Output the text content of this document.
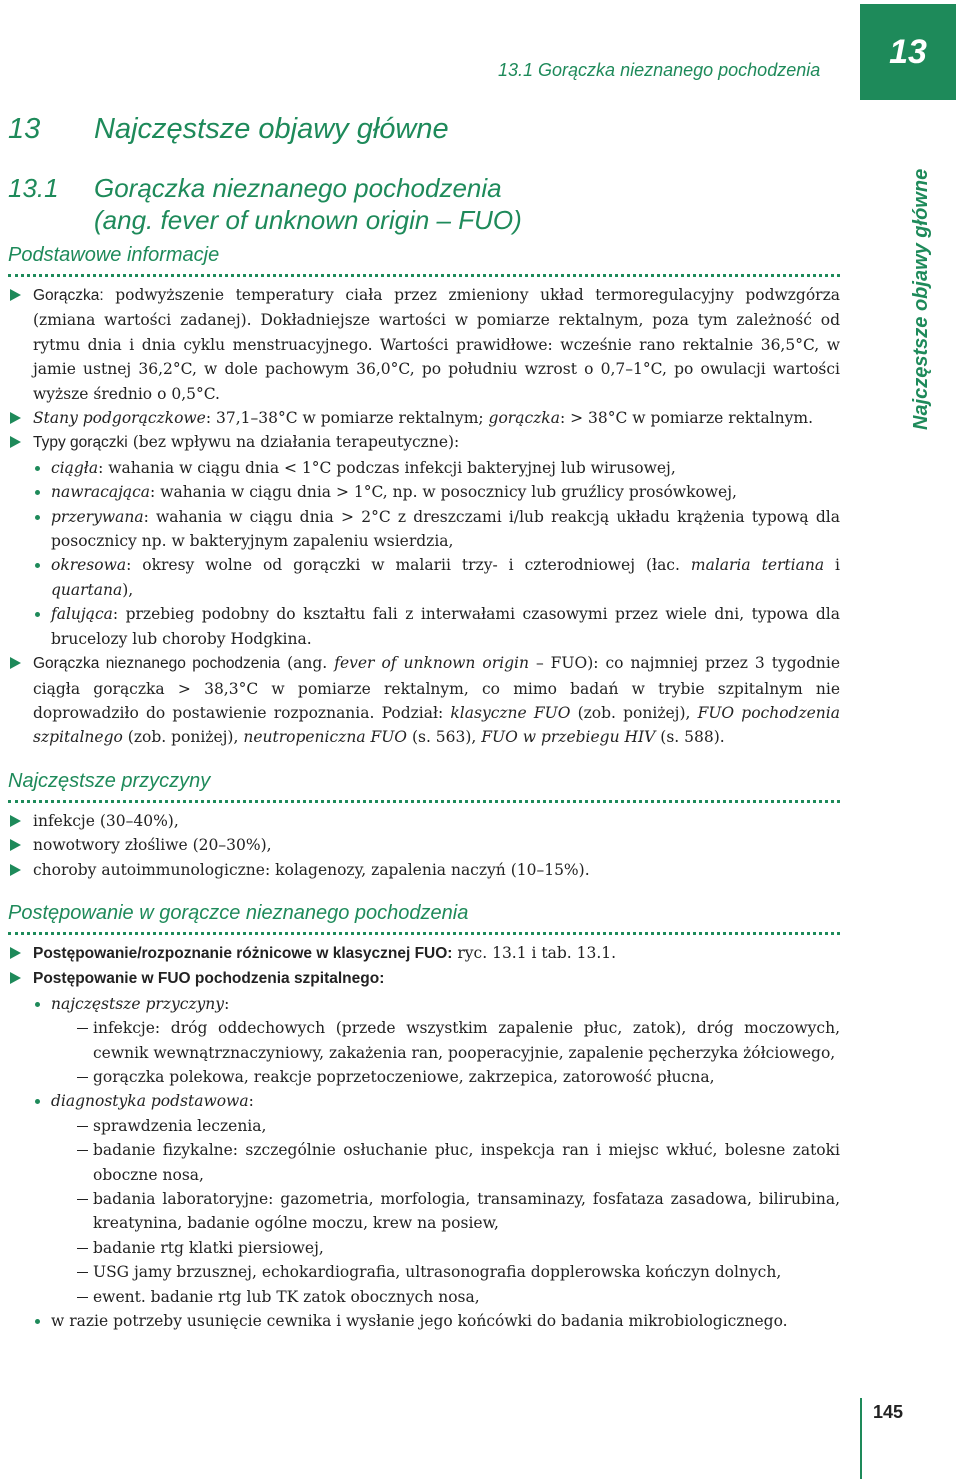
13.1 Gorączka nieznanego pochodzenia	13
Najczęstsze objawy główne
145
13	Najczęstsze objawy główne
13.1	Gorączka nieznanego pochodzenia
(ang. fever of unknown origin – FUO)
Podstawowe informacje
Gorączka: podwyższenie temperatury ciała przez zmieniony układ termoregulacyjny podwzgórza (zmiana wartości zadanej). Dokładniejsze wartości w pomiarze rektalnym, poza tym zależność od rytmu dnia i dnia cyklu menstruacyjnego. Wartości prawidłowe: wcześnie rano rektalnie 36,5°C, w jamie ustnej 36,2°C, w dole pachowym 36,0°C, po południu wzrost o 0,7–1°C, po owulacji wartości wyższe średnio o 0,5°C.
Stany podgorączkowe: 37,1–38°C w pomiarze rektalnym; gorączka: > 38°C w pomiarze rektalnym.
Typy gorączki (bez wpływu na działania terapeutyczne):
ciągła: wahania w ciągu dnia < 1°C podczas infekcji bakteryjnej lub wirusowej,
nawracająca: wahania w ciągu dnia > 1°C, np. w posocznicy lub gruźlicy prosówkowej,
przerywana: wahania w ciągu dnia > 2°C z dreszczami i/lub reakcją układu krążenia typową dla posocznicy np. w bakteryjnym zapaleniu wsierdzia,
okresowa: okresy wolne od gorączki w malarii trzy- i czterodniowej (łac. malaria tertiana i quartana),
falująca: przebieg podobny do kształtu fali z interwałami czasowymi przez wiele dni, typowa dla brucelozy lub choroby Hodgkina.
Gorączka nieznanego pochodzenia (ang. fever of unknown origin – FUO): co najmniej przez 3 tygodnie ciągła gorączka > 38,3°C w pomiarze rektalnym, co mimo badań w trybie szpitalnym nie doprowadziło do postawienie rozpoznania. Podział: klasyczne FUO (zob. poniżej), FUO pochodzenia szpitalnego (zob. poniżej), neutropeniczna FUO (s. 563), FUO w przebiegu HIV (s. 588).
Najczęstsze przyczyny
infekcje (30–40%),
nowotwory złośliwe (20–30%),
choroby autoimmunologiczne: kolagenozy, zapalenia naczyń (10–15%).
Postępowanie w gorączce nieznanego pochodzenia
Postępowanie/rozpoznanie różnicowe w klasycznej FUO: ryc. 13.1 i tab. 13.1.
Postępowanie w FUO pochodzenia szpitalnego:
najczęstsze przyczyny:
infekcje: dróg oddechowych (przede wszystkim zapalenie płuc, zatok), dróg moczowych, cewnik wewnątrznaczyniowy, zakażenia ran, pooperacyjnie, zapalenie pęcherzyka żółciowego,
gorączka polekowa, reakcje poprzetoczeniowe, zakrzepica, zatorowość płucna,
diagnostyka podstawowa:
sprawdzenia leczenia,
badanie fizykalne: szczególnie osłuchanie płuc, inspekcja ran i miejsc wkłuć, bolesne zatoki oboczne nosa,
badania laboratoryjne: gazometria, morfologia, transaminazy, fosfataza zasadowa, bilirubina, kreatynina, badanie ogólne moczu, krew na posiew,
badanie rtg klatki piersiowej,
USG jamy brzusznej, echokardiografia, ultrasonografia dopplerowska kończyn dolnych,
ewent. badanie rtg lub TK zatok obocznych nosa,
w razie potrzeby usunięcie cewnika i wysłanie jego końcówki do badania mikrobiologicznego.
